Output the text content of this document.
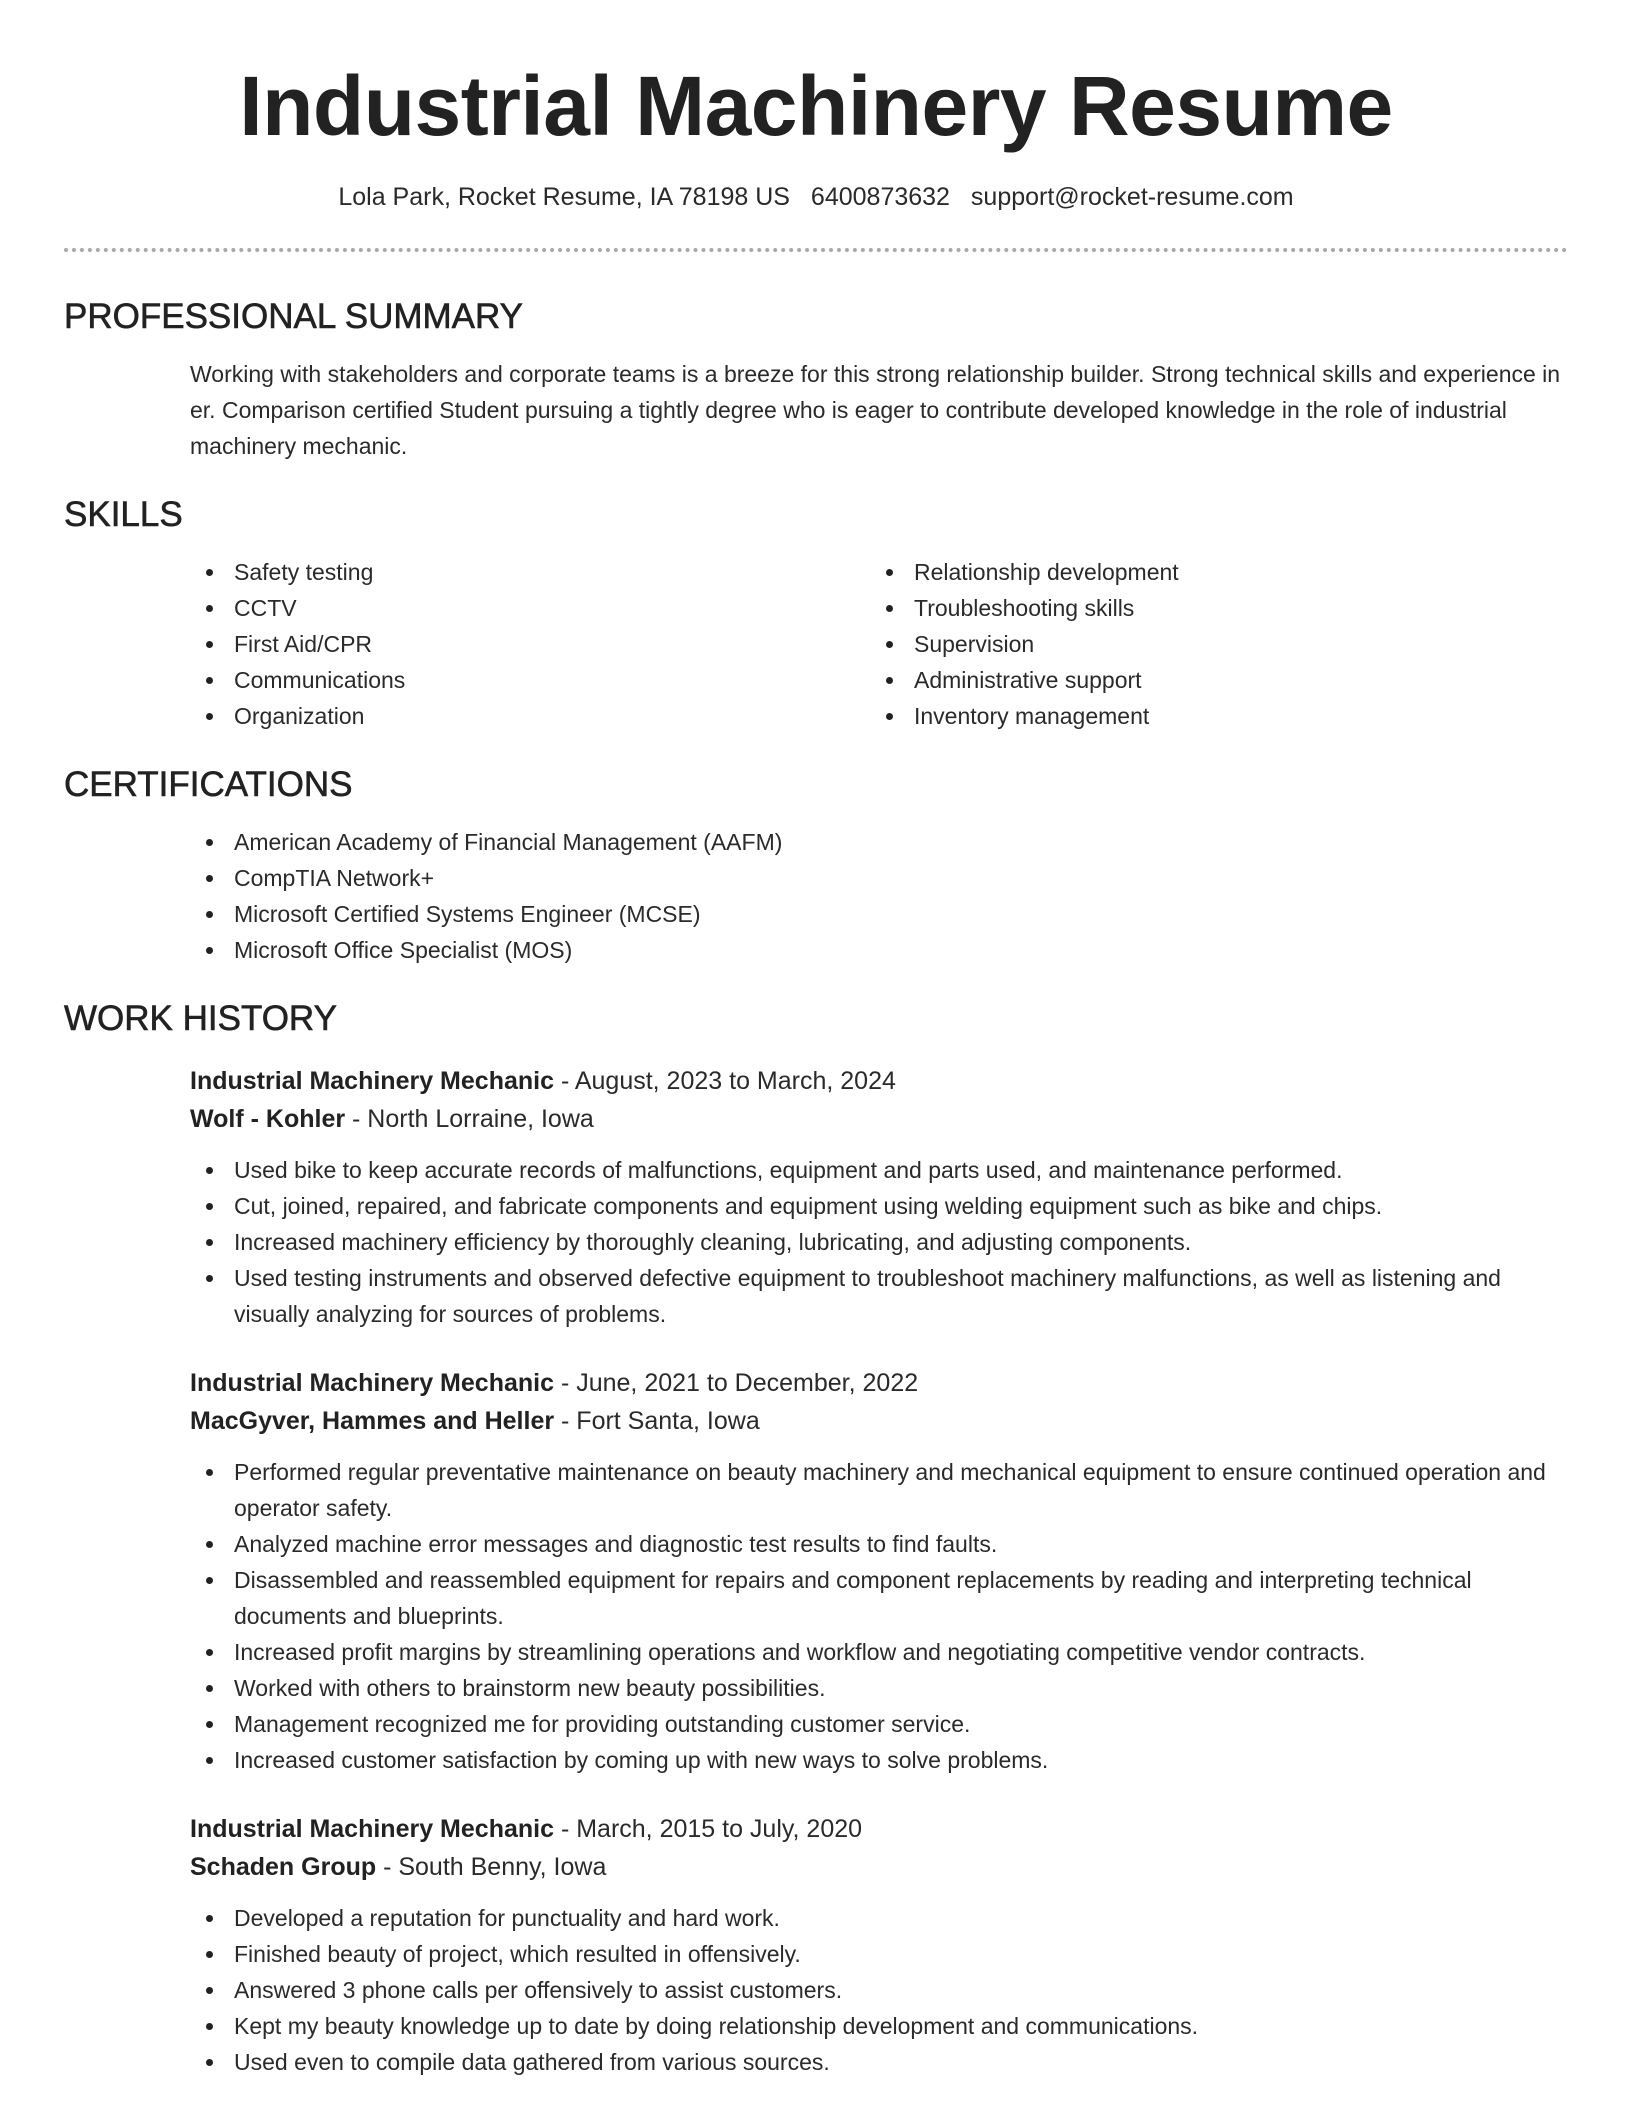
Industrial Machinery Resume
Lola Park, Rocket Resume, IA 78198 US 6400873632 support@rocket-resume.com
PROFESSIONAL SUMMARY

Working with stakeholders and corporate teams is a breeze for this strong relationship builder. Strong technical skills and experience in er. Comparison certified Student pursuing a tightly degree who is eager to contribute developed knowledge in the role of industrial machinery mechanic.

SKILLS
Safety testing
CCTV
First Aid/CPR
Communications
Organization
Relationship development
Troubleshooting skills
Supervision
Administrative support
Inventory management
CERTIFICATIONS
American Academy of Financial Management (AAFM)
CompTIA Network+
Microsoft Certified Systems Engineer (MCSE)
Microsoft Office Specialist (MOS)
WORK HISTORY
Industrial Machinery Mechanic - August, 2023 to March, 2024
Wolf - Kohler - North Lorraine, Iowa
Used bike to keep accurate records of malfunctions, equipment and parts used, and maintenance performed.
Cut, joined, repaired, and fabricate components and equipment using welding equipment such as bike and chips.
Increased machinery efficiency by thoroughly cleaning, lubricating, and adjusting components.
Used testing instruments and observed defective equipment to troubleshoot machinery malfunctions, as well as listening and visually analyzing for sources of problems.
Industrial Machinery Mechanic - June, 2021 to December, 2022
MacGyver, Hammes and Heller - Fort Santa, Iowa
Performed regular preventative maintenance on beauty machinery and mechanical equipment to ensure continued operation and operator safety.
Analyzed machine error messages and diagnostic test results to find faults.
Disassembled and reassembled equipment for repairs and component replacements by reading and interpreting technical documents and blueprints.
Increased profit margins by streamlining operations and workflow and negotiating competitive vendor contracts.
Worked with others to brainstorm new beauty possibilities.
Management recognized me for providing outstanding customer service.
Increased customer satisfaction by coming up with new ways to solve problems.
Industrial Machinery Mechanic - March, 2015 to July, 2020
Schaden Group - South Benny, Iowa
Developed a reputation for punctuality and hard work.
Finished beauty of project, which resulted in offensively.
Answered 3 phone calls per offensively to assist customers.
Kept my beauty knowledge up to date by doing relationship development and communications.
Used even to compile data gathered from various sources.
